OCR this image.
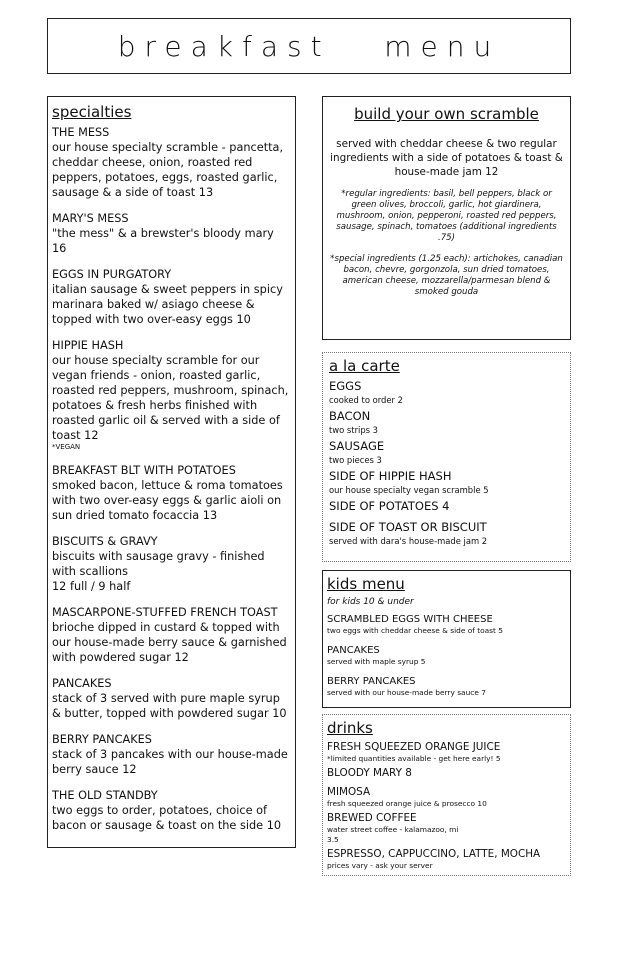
breakfast   menu
specialties
THE MESS
our house specialty scramble - pancetta, cheddar cheese, onion, roasted red peppers, potatoes, eggs, roasted garlic, sausage & a side of toast 13
MARY'S MESS
"the mess" & a brewster's bloody mary 16
EGGS IN PURGATORY
italian sausage & sweet peppers in spicy marinara baked w/ asiago cheese & topped with two over-easy eggs 10
HIPPIE HASH
our house specialty scramble for our vegan friends - onion, roasted garlic, roasted red peppers, mushroom, spinach, potatoes & fresh herbs finished with roasted garlic oil & served with a side of toast 12
*VEGAN
BREAKFAST BLT WITH POTATOES
smoked bacon, lettuce & roma tomatoes with two over-easy eggs & garlic aioli on sun dried tomato focaccia 13
BISCUITS & GRAVY
biscuits with sausage gravy - finished with scallions
12 full / 9 half
MASCARPONE-STUFFED FRENCH TOAST
brioche dipped in custard & topped with our house-made berry sauce & garnished with powdered sugar 12
PANCAKES
stack of 3 served with pure maple syrup & butter, topped with powdered sugar 10
BERRY PANCAKES
stack of 3 pancakes with our house-made berry sauce 12
THE OLD STANDBY
two eggs to order, potatoes, choice of bacon or sausage & toast on the side 10
build your own scramble
served with cheddar cheese & two regular ingredients with a side of potatoes & toast & house-made jam 12
*regular ingredients: basil, bell peppers, black or green olives, broccoli, garlic, hot giardinera, mushroom, onion, pepperoni, roasted red peppers, sausage, spinach, tomatoes (additional ingredients .75)
*special ingredients (1.25 each): artichokes, canadian bacon, chevre, gorgonzola, sun dried tomatoes, american cheese, mozzarella/parmesan blend & smoked gouda
a la carte
EGGS
cooked to order 2
BACON
two strips 3
SAUSAGE
two pieces 3
SIDE OF HIPPIE HASH
our house specialty vegan scramble 5
SIDE OF POTATOES 4
SIDE OF TOAST OR BISCUIT
served with dara's house-made jam 2
kids menu
for kids 10 & under
SCRAMBLED EGGS WITH CHEESE
two eggs with cheddar cheese & side of toast 5
PANCAKES
served with maple syrup 5
BERRY PANCAKES
served with our house-made berry sauce 7
drinks
FRESH SQUEEZED ORANGE JUICE
*limited quantities available - get here early! 5
BLOODY MARY 8
MIMOSA
fresh squeezed orange juice & prosecco 10
BREWED COFFEE
water street coffee - kalamazoo, mi
3.5
ESPRESSO, CAPPUCCINO, LATTE, MOCHA
prices vary - ask your server
